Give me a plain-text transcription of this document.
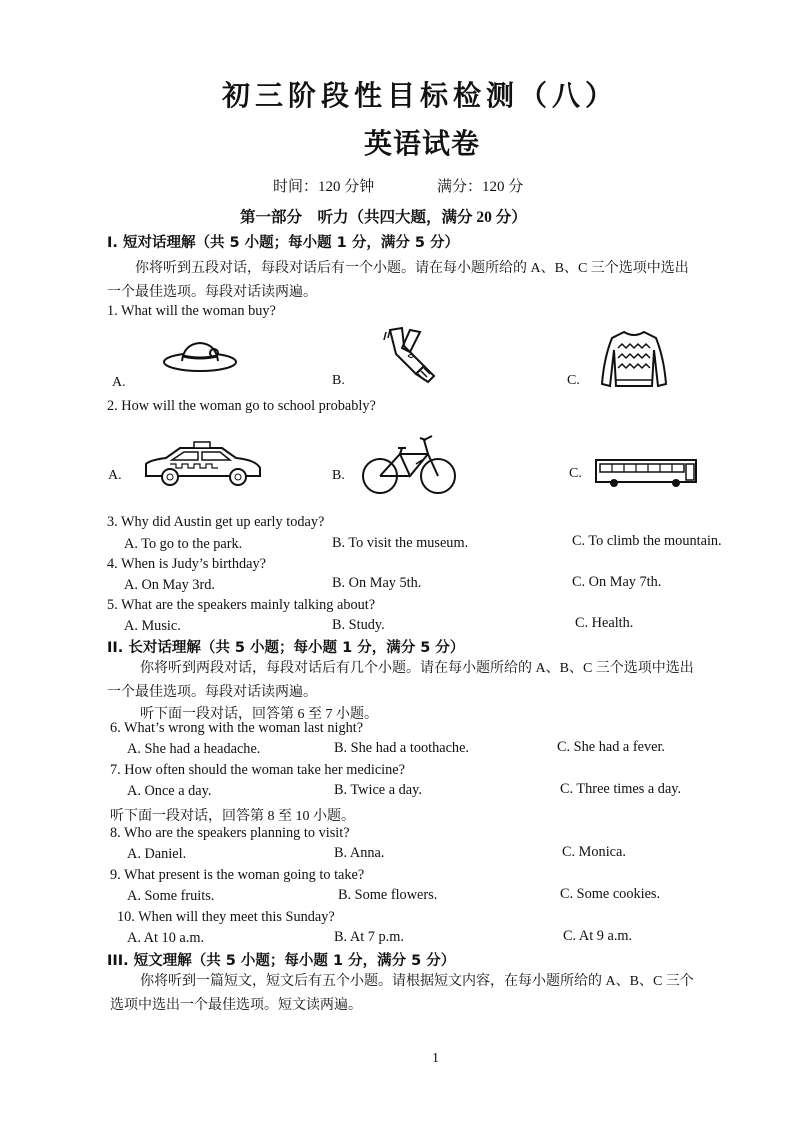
初三阶段性目标检测（八）
英语试卷
时间：120 分钟	满分：120 分
第一部分　听力（共四大题，满分 20 分）
I. 短对话理解（共 5 小题；每小题 1 分，满分 5 分）
你将听到五段对话，每段对话后有一个小题。请在每小题所给的 A、B、C 三个选项中选出
一个最佳选项。每段对话读两遍。
1. What will the woman buy?
A.	B.	C.
2. How will the woman go to school probably?
A.	B.	C.
3. Why did Austin get up early today?
A. To go to the park.	B. To visit the museum.	C. To climb the mountain.
4. When is Judy’s birthday?
A. On May 3rd.	B. On May 5th.	C. On May 7th.
5. What are the speakers mainly talking about?
A. Music.	B. Study.	C. Health.
II. 长对话理解（共 5 小题；每小题 1 分，满分 5 分）
你将听到两段对话，每段对话后有几个小题。请在每小题所给的 A、B、C 三个选项中选出
一个最佳选项。每段对话读两遍。
听下面一段对话，回答第 6 至 7 小题。
6. What’s wrong with the woman last night?
A. She had a headache.	B. She had a toothache.	C. She had a fever.
7. How often should the woman take her medicine?
A. Once a day.	B. Twice a day.	C. Three times a day.
听下面一段对话，回答第 8 至 10 小题。
8. Who are the speakers planning to visit?
A. Daniel.	B. Anna.	C. Monica.
9. What present is the woman going to take?
A. Some fruits.	B. Some flowers.	C. Some cookies.
10. When will they meet this Sunday?
A. At 10 a.m.	B. At 7 p.m.	C. At 9 a.m.
III. 短文理解（共 5 小题；每小题 1 分，满分 5 分）
你将听到一篇短文，短文后有五个小题。请根据短文内容，在每小题所给的 A、B、C 三个
选项中选出一个最佳选项。短文读两遍。
1
